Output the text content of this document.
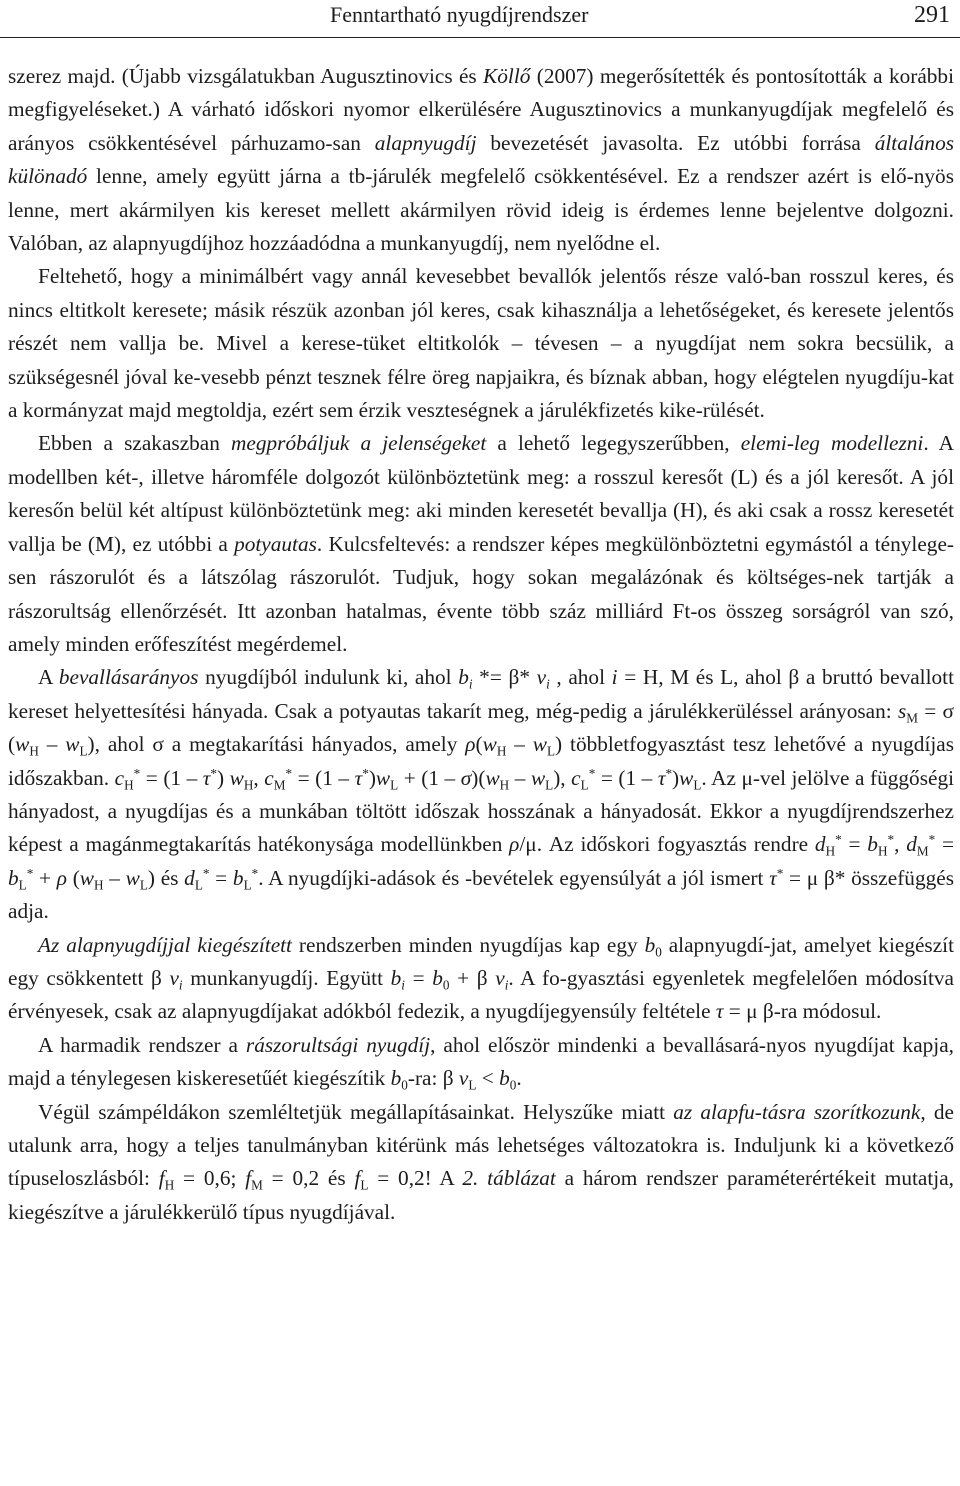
Fenntartható nyugdíjrendszer	291

szerez majd. (Újabb vizsgálatukban Augusztinovics és Köllő (2007) megerősítették és pontosították a korábbi megfigyeléseket.) A várható időskori nyomor elkerülésére Augusztinovics a munkanyugdíjak megfelelő és arányos csökkentésével párhuzamo-san alapnyugdíj bevezetését javasolta. Ez utóbbi forrása általános különadó lenne, amely együtt járna a tb-járulék megfelelő csökkentésével. Ez a rendszer azért is elő-nyös lenne, mert akármilyen kis kereset mellett akármilyen rövid ideig is érdemes lenne bejelentve dolgozni. Valóban, az alapnyugdíjhoz hozzáadódna a munkanyugdíj, nem nyelődne el.

Feltehető, hogy a minimálbért vagy annál kevesebbet bevallók jelentős része való-ban rosszul keres, és nincs eltitkolt keresete; másik részük azonban jól keres, csak kihasználja a lehetőségeket, és keresete jelentős részét nem vallja be. Mivel a kerese-tüket eltitkolók – tévesen – a nyugdíjat nem sokra becsülik, a szükségesnél jóval ke-vesebb pénzt tesznek félre öreg napjaikra, és bíznak abban, hogy elégtelen nyugdíju-kat a kormányzat majd megtoldja, ezért sem érzik veszteségnek a járulékfizetés kike-rülését.

Ebben a szakaszban megpróbáljuk a jelenségeket a lehető legegyszerűbben, elemi-leg modellezni. A modellben két-, illetve háromféle dolgozót különböztetünk meg: a rosszul keresőt (L) és a jól keresőt. A jól keresőn belül két altípust különböztetünk meg: aki minden keresetét bevallja (H), és aki csak a rossz keresetét vallja be (M), ez utóbbi a potyautas. Kulcsfeltevés: a rendszer képes megkülönböztetni egymástól a ténylege-sen rászorulót és a látszólag rászorulót. Tudjuk, hogy sokan megalázónak és költséges-nek tartják a rászorultság ellenőrzését. Itt azonban hatalmas, évente több száz milliárd Ft-os összeg sorságról van szó, amely minden erőfeszítést megérdemel.

A bevallásarányos nyugdíjból indulunk ki, ahol $b_i *= \beta*$ $v_i$ , ahol i = H, M és L, ahol β a bruttó bevallott kereset helyettesítési hányada. Csak a potyautas takarít meg, még-pedig a járulékkerüléssel arányosan: $s_M = \sigma$ $(w_H - w_L)$, ahol σ a megtakarítási hányados, amely $\rho(w_H - w_L)$ többletfogyasztást tesz lehetővé a nyugdíjas időszakban. $c_H^* = (1 - \tau^*)$ $w_H$, $c_M^* = (1 - \tau^*)w_L + (1 - \sigma)(w_H - w_L)$, $c_L^* = (1 - \tau^*)w_L$. Az μ-vel jelölve a függőségi hányadost, a nyugdíjas és a munkában töltött időszak hosszának a hányadosát. Ekkor a nyugdíjrendszerhez képest a magánmegtakarítás hatékonysága modellünkben ρ/μ. Az időskori fogyasztás rendre $d_H^* = b_H^*$, $d_M^* = b_L^* + \rho$ $(w_H - w_L)$ és $d_L^* = b_L^*$. A nyugdíjki-adások és -bevételek egyensúlyát a jól ismert τ* = μ β* összefüggés adja.

Az alapnyugdíjjal kiegészített rendszerben minden nyugdíjas kap egy $b_0$ alapnyugdí-jat, amelyet kiegészít egy csökkentett β $v_i$ munkanyugdíj. Együtt $b_i = b_0 + \beta$ $v_i$. A fo-gyasztási egyenletek megfelelően módosítva érvényesek, csak az alapnyugdíjakat adókból fedezik, a nyugdíjegyensúly feltétele τ = μ β-ra módosul.

A harmadik rendszer a rászorultsági nyugdíj, ahol először mindenki a bevallásará-nyos nyugdíjat kapja, majd a ténylegesen kiskeresetűét kiegészítik $b_0-ra$: β $v_L < b_0$.

Végül számpéldákon szemléltetjük megállapításainkat. Helyszűke miatt az alapfu-tásra szorítkozunk, de utalunk arra, hogy a teljes tanulmányban kitérünk más lehetséges változatokra is. Induljunk ki a következő típuseloszlásból: $f_H = 0,6$; $f_M = 0,2$ és $f_L = 0,2$! A 2. táblázat a három rendszer paraméterértékeit mutatja, kiegészítve a járulékkerülő típus nyugdíjával.
